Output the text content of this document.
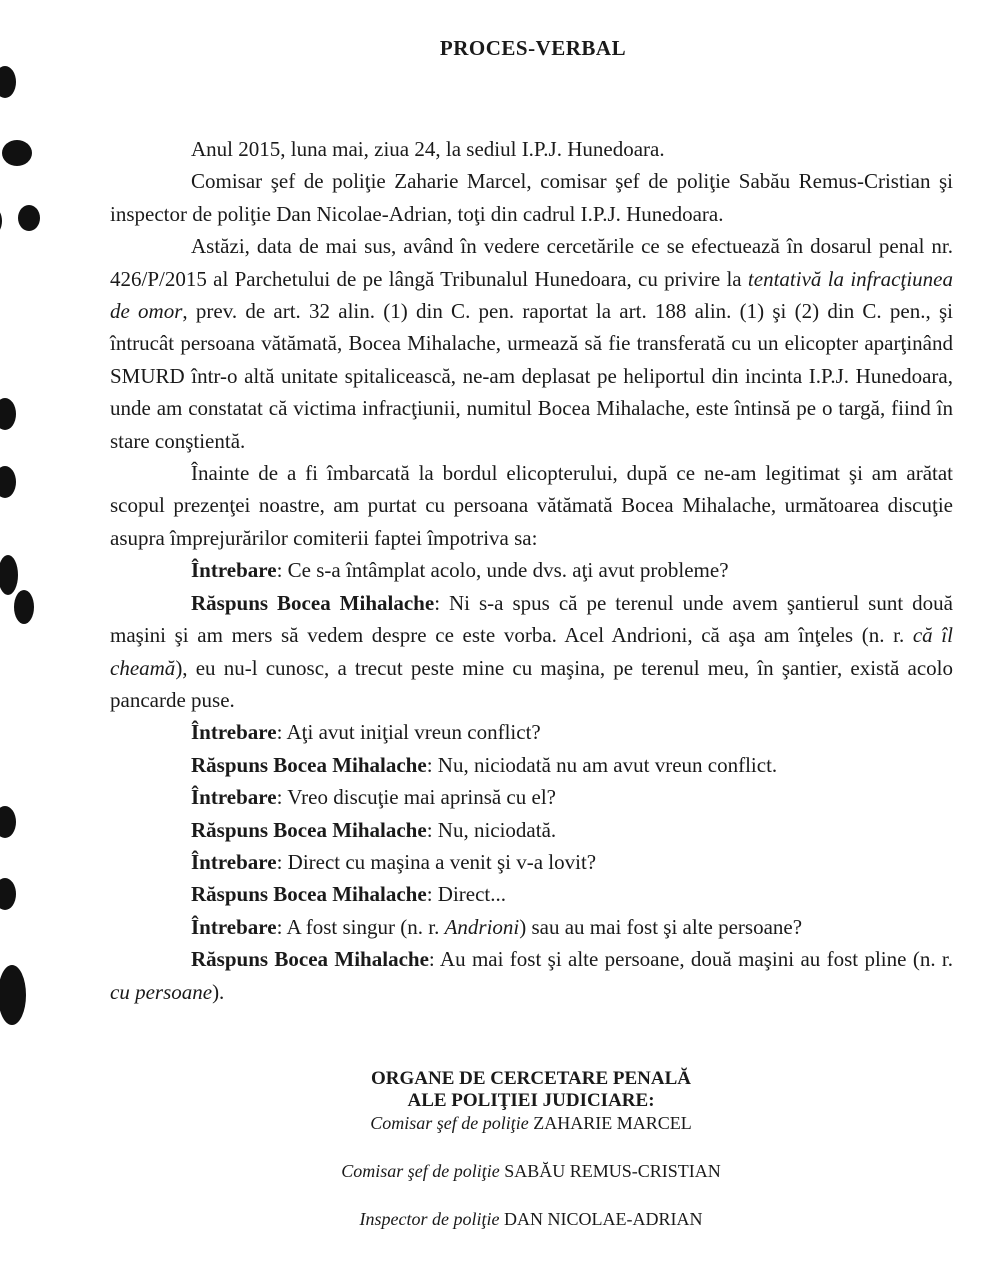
PROCES-VERBAL

Anul 2015, luna mai, ziua 24, la sediul I.P.J. Hunedoara.

Comisar şef de poliţie Zaharie Marcel, comisar şef de poliţie Sabău Remus-Cristian şi inspector de poliţie Dan Nicolae-Adrian, toţi din cadrul I.P.J. Hunedoara.

Astăzi, data de mai sus, având în vedere cercetările ce se efectuează în dosarul penal nr. 426/P/2015 al Parchetului de pe lângă Tribunalul Hunedoara, cu privire la tentativă la infracţiunea de omor, prev. de art. 32 alin. (1) din C. pen. raportat la art. 188 alin. (1) şi (2) din C. pen., şi întrucât persoana vătămată, Bocea Mihalache, urmează să fie transferată cu un elicopter aparţinând SMURD într-o altă unitate spitalicească, ne-am deplasat pe heliportul din incinta I.P.J. Hunedoara, unde am constatat că victima infracţiunii, numitul Bocea Mihalache, este întinsă pe o targă, fiind în stare conştientă.

Înainte de a fi îmbarcată la bordul elicopterului, după ce ne-am legitimat şi am arătat scopul prezenţei noastre, am purtat cu persoana vătămată Bocea Mihalache, următoarea discuţie asupra împrejurărilor comiterii faptei împotriva sa:

Întrebare: Ce s-a întâmplat acolo, unde dvs. aţi avut probleme?

Răspuns Bocea Mihalache: Ni s-a spus că pe terenul unde avem şantierul sunt două maşini şi am mers să vedem despre ce este vorba. Acel Andrioni, că aşa am înţeles (n. r. că îl cheamă), eu nu-l cunosc, a trecut peste mine cu maşina, pe terenul meu, în şantier, există acolo pancarde puse.

Întrebare: Aţi avut iniţial vreun conflict?

Răspuns Bocea Mihalache: Nu, niciodată nu am avut vreun conflict.

Întrebare: Vreo discuţie mai aprinsă cu el?

Răspuns Bocea Mihalache: Nu, niciodată.

Întrebare: Direct cu maşina a venit şi v-a lovit?

Răspuns Bocea Mihalache: Direct...

Întrebare: A fost singur (n. r. Andrioni) sau au mai fost şi alte persoane?

Răspuns Bocea Mihalache: Au mai fost şi alte persoane, două maşini au fost pline (n. r. cu persoane).

ORGANE DE CERCETARE PENALĂ
ALE POLIŢIEI JUDICIARE:
Comisar şef de poliţie ZAHARIE MARCEL
Comisar şef de poliţie SABĂU REMUS-CRISTIAN
Inspector de poliţie DAN NICOLAE-ADRIAN
